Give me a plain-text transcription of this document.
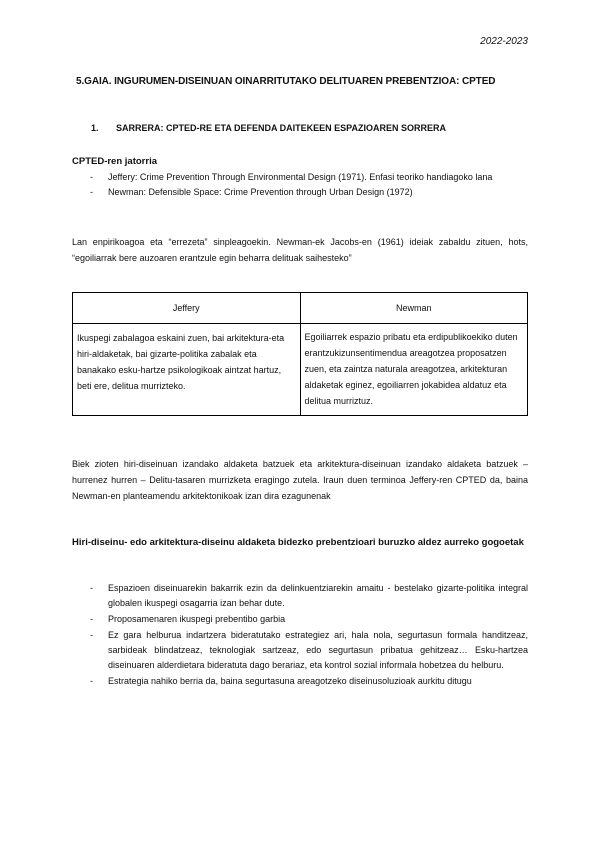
2022-2023
5.GAIA. INGURUMEN-DISEINUAN OINARRITUTAKO DELITUAREN PREBENTZIOA: CPTED
1. SARRERA: CPTED-RE ETA DEFENDA DAITEKEEN ESPAZIOAREN SORRERA
CPTED-ren jatorria
- Jeffery: Crime Prevention Through Environmental Design (1971). Enfasi teoriko handiagoko lana
- Newman: Defensible Space: Crime Prevention through Urban Design (1972)
Lan enpirikoagoa eta “errezeta” sinpleagoekin. Newman-ek Jacobs-en (1961) ideiak zabaldu zituen, hots, “egoiliarrak bere auzoaren erantzule egin beharra delituak saihesteko”
Jeffery	Newman
Ikuspegi zabalagoa eskaini zuen, bai arkitektura-eta hiri-aldaketak, bai gizarte-politika zabalak eta banakako esku-hartze psikologikoak aintzat hartuz, beti ere, delitua murrizteko.	Egoiliarrek espazio pribatu eta erdipublikoekiko duten erantzukizunsentimendua areagotzea proposatzen zuen, eta zaintza naturala areagotzea, arkitekturan aldaketak eginez, egoiliarren jokabidea aldatuz eta delitua murriztuz.
Biek zioten hiri-diseinuan izandako aldaketa batzuek eta arkitektura-diseinuan izandako aldaketa batzuek – hurrenez hurren – Delitu-tasaren murrizketa eragingo zutela. Iraun duen terminoa Jeffery-ren CPTED da, baina Newman-en planteamendu arkitektonikoak izan dira ezagunenak
Hiri-diseinu- edo arkitektura-diseinu aldaketa bidezko prebentzioari buruzko aldez aurreko gogoetak
- Espazioen diseinuarekin bakarrik ezin da delinkuentziarekin amaitu - bestelako gizarte-politika integral globalen ikuspegi osagarria izan behar dute.
- Proposamenaren ikuspegi prebentibo garbia
- Ez gara helburua indartzera bideratutako estrategiez ari, hala nola, segurtasun formala handitzeaz, sarbideak blindatzeaz, teknologiak sartzeaz, edo segurtasun pribatua gehitzeaz… Esku-hartzea diseinuaren alderdietara bideratuta dago berariaz, eta kontrol sozial informala hobetzea du helburu.
- Estrategia nahiko berria da, baina segurtasuna areagotzeko diseinusoluzioak aurkitu ditugu
